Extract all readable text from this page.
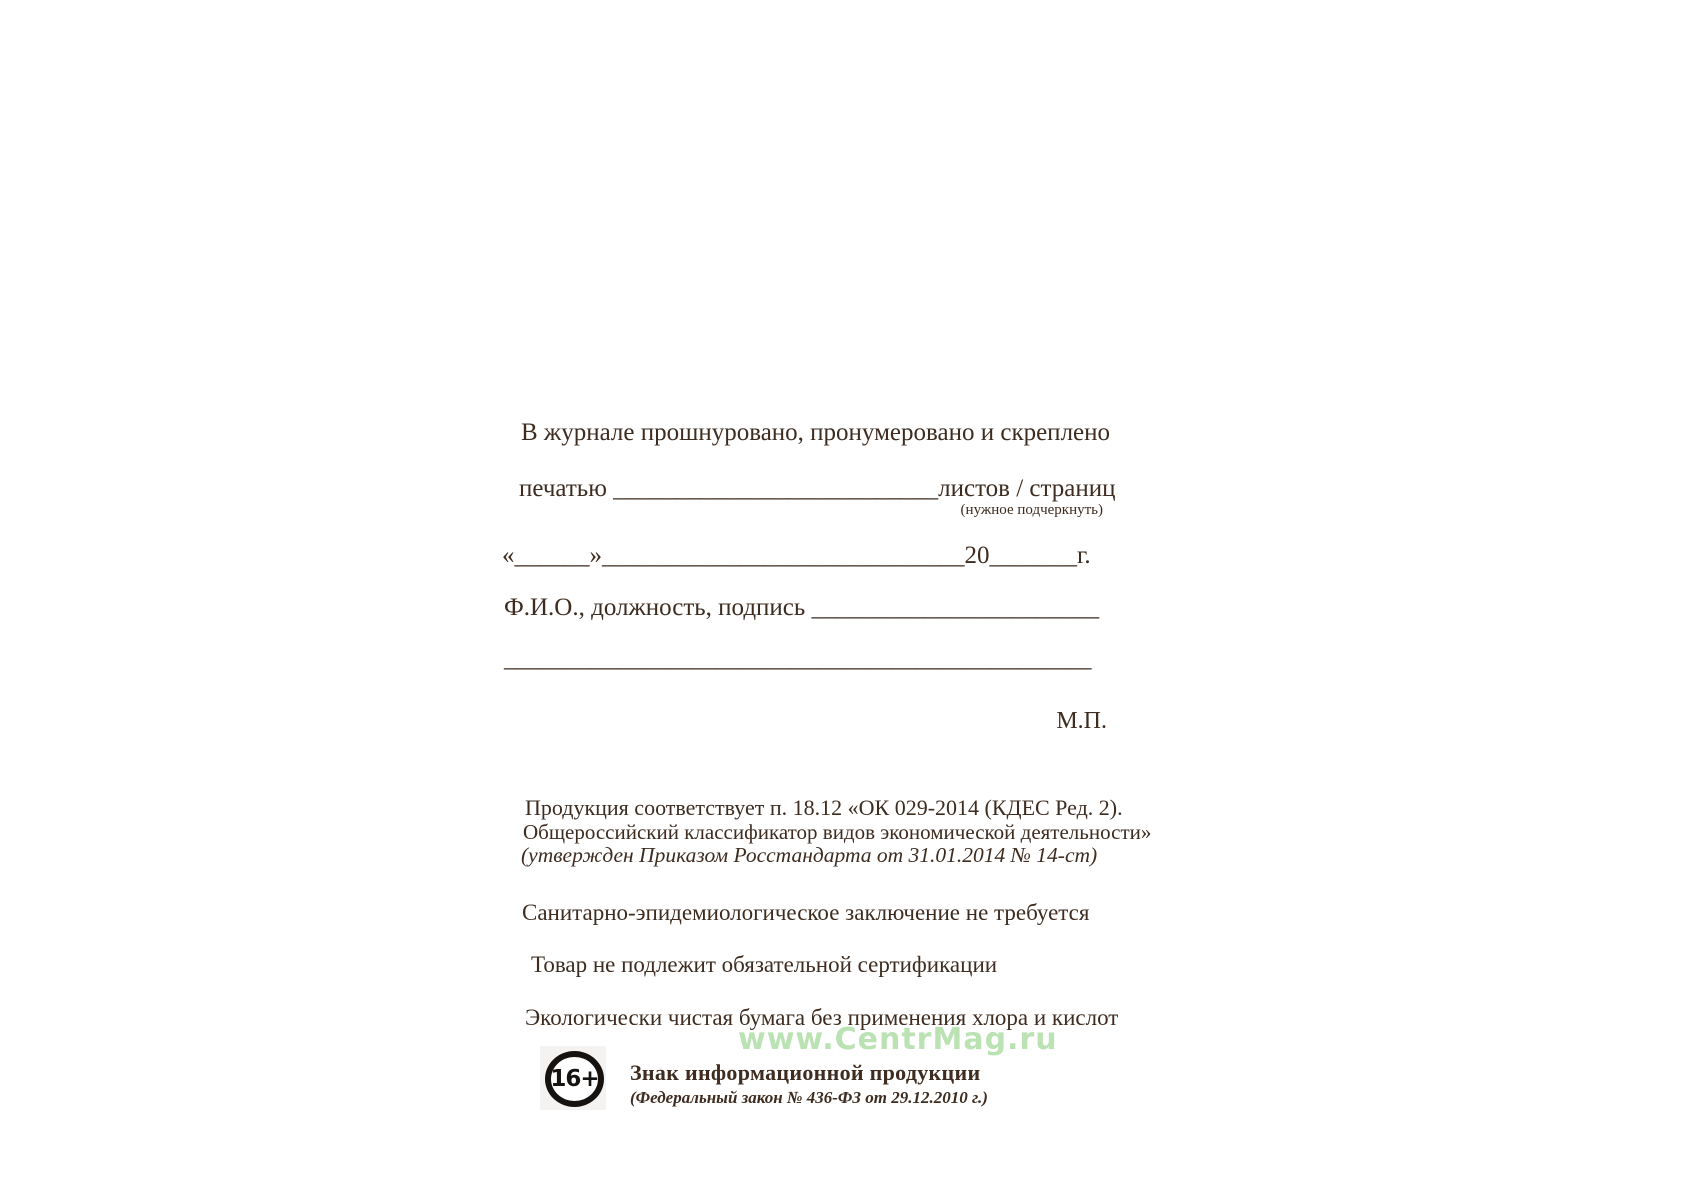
В журнале прошнуровано, пронумеровано и скреплено
печатью __________________________листов / страниц
(нужное подчеркнуть)
«______»_____________________________20_______г.
Ф.И.О., должность, подпись _______________________
_______________________________________________
М.П.
Продукция соответствует п. 18.12 «ОК 029-2014 (КДЕС Ред. 2).
Общероссийский классификатор видов экономической деятельности»
(утвержден Приказом Росстандарта от 31.01.2014 № 14-ст)
Санитарно-эпидемиологическое заключение не требуется
Товар не подлежит обязательной сертификации
Экологически чистая бумага без применения хлора и кислот
www.CentrMag.ru
16+ Знак информационной продукции
(Федеральный закон № 436-ФЗ от 29.12.2010 г.)
